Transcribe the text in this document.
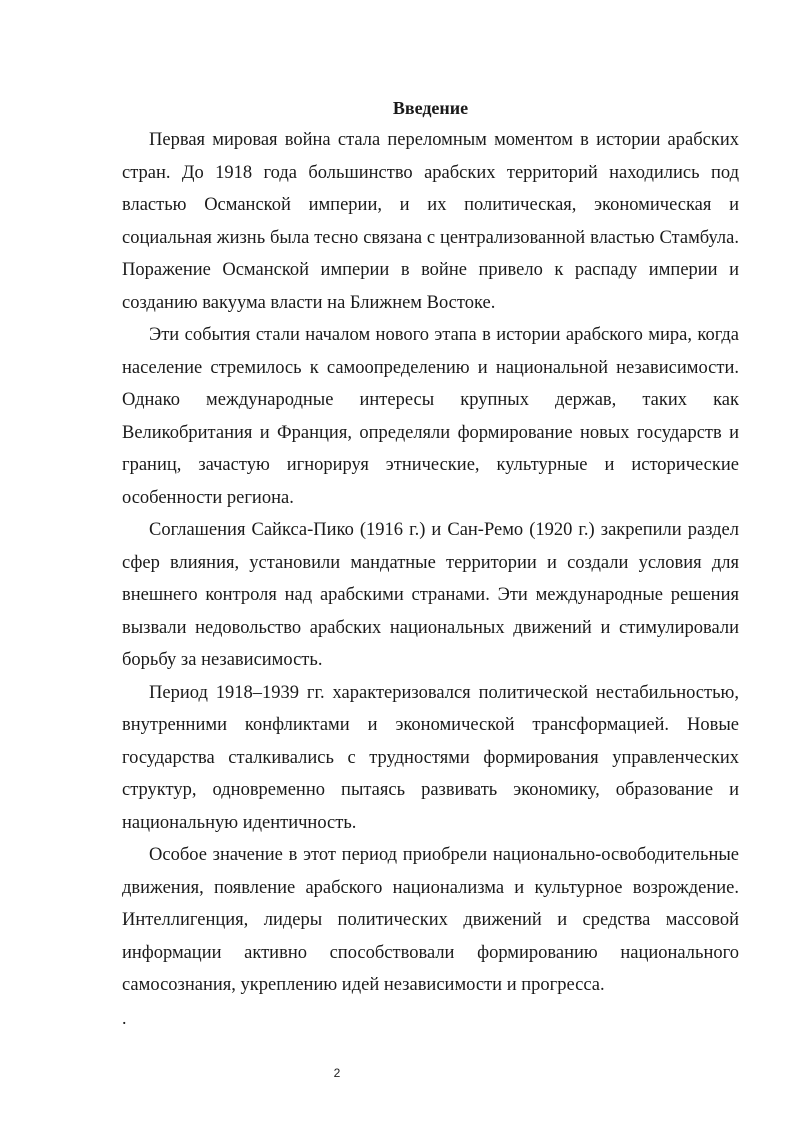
Введение

Первая мировая война стала переломным моментом в истории арабских стран. До 1918 года большинство арабских территорий находились под властью Османской империи, и их политическая, экономическая и социальная жизнь была тесно связана с централизованной властью Стамбула. Поражение Османской империи в войне привело к распаду империи и созданию вакуума власти на Ближнем Востоке.

Эти события стали началом нового этапа в истории арабского мира, когда население стремилось к самоопределению и национальной независимости. Однако международные интересы крупных держав, таких как Великобритания и Франция, определяли формирование новых государств и границ, зачастую игнорируя этнические, культурные и исторические особенности региона.

Соглашения Сайкса-Пико (1916 г.) и Сан-Ремо (1920 г.) закрепили раздел сфер влияния, установили мандатные территории и создали условия для внешнего контроля над арабскими странами. Эти международные решения вызвали недовольство арабских национальных движений и стимулировали борьбу за независимость.

Период 1918–1939 гг. характеризовался политической нестабильностью, внутренними конфликтами и экономической трансформацией. Новые государства сталкивались с трудностями формирования управленческих структур, одновременно пытаясь развивать экономику, образование и национальную идентичность.

Особое значение в этот период приобрели национально-освободительные движения, появление арабского национализма и культурное возрождение. Интеллигенция, лидеры политических движений и средства массовой информации активно способствовали формированию национального самосознания, укреплению идей независимости и прогресса.

.

2
